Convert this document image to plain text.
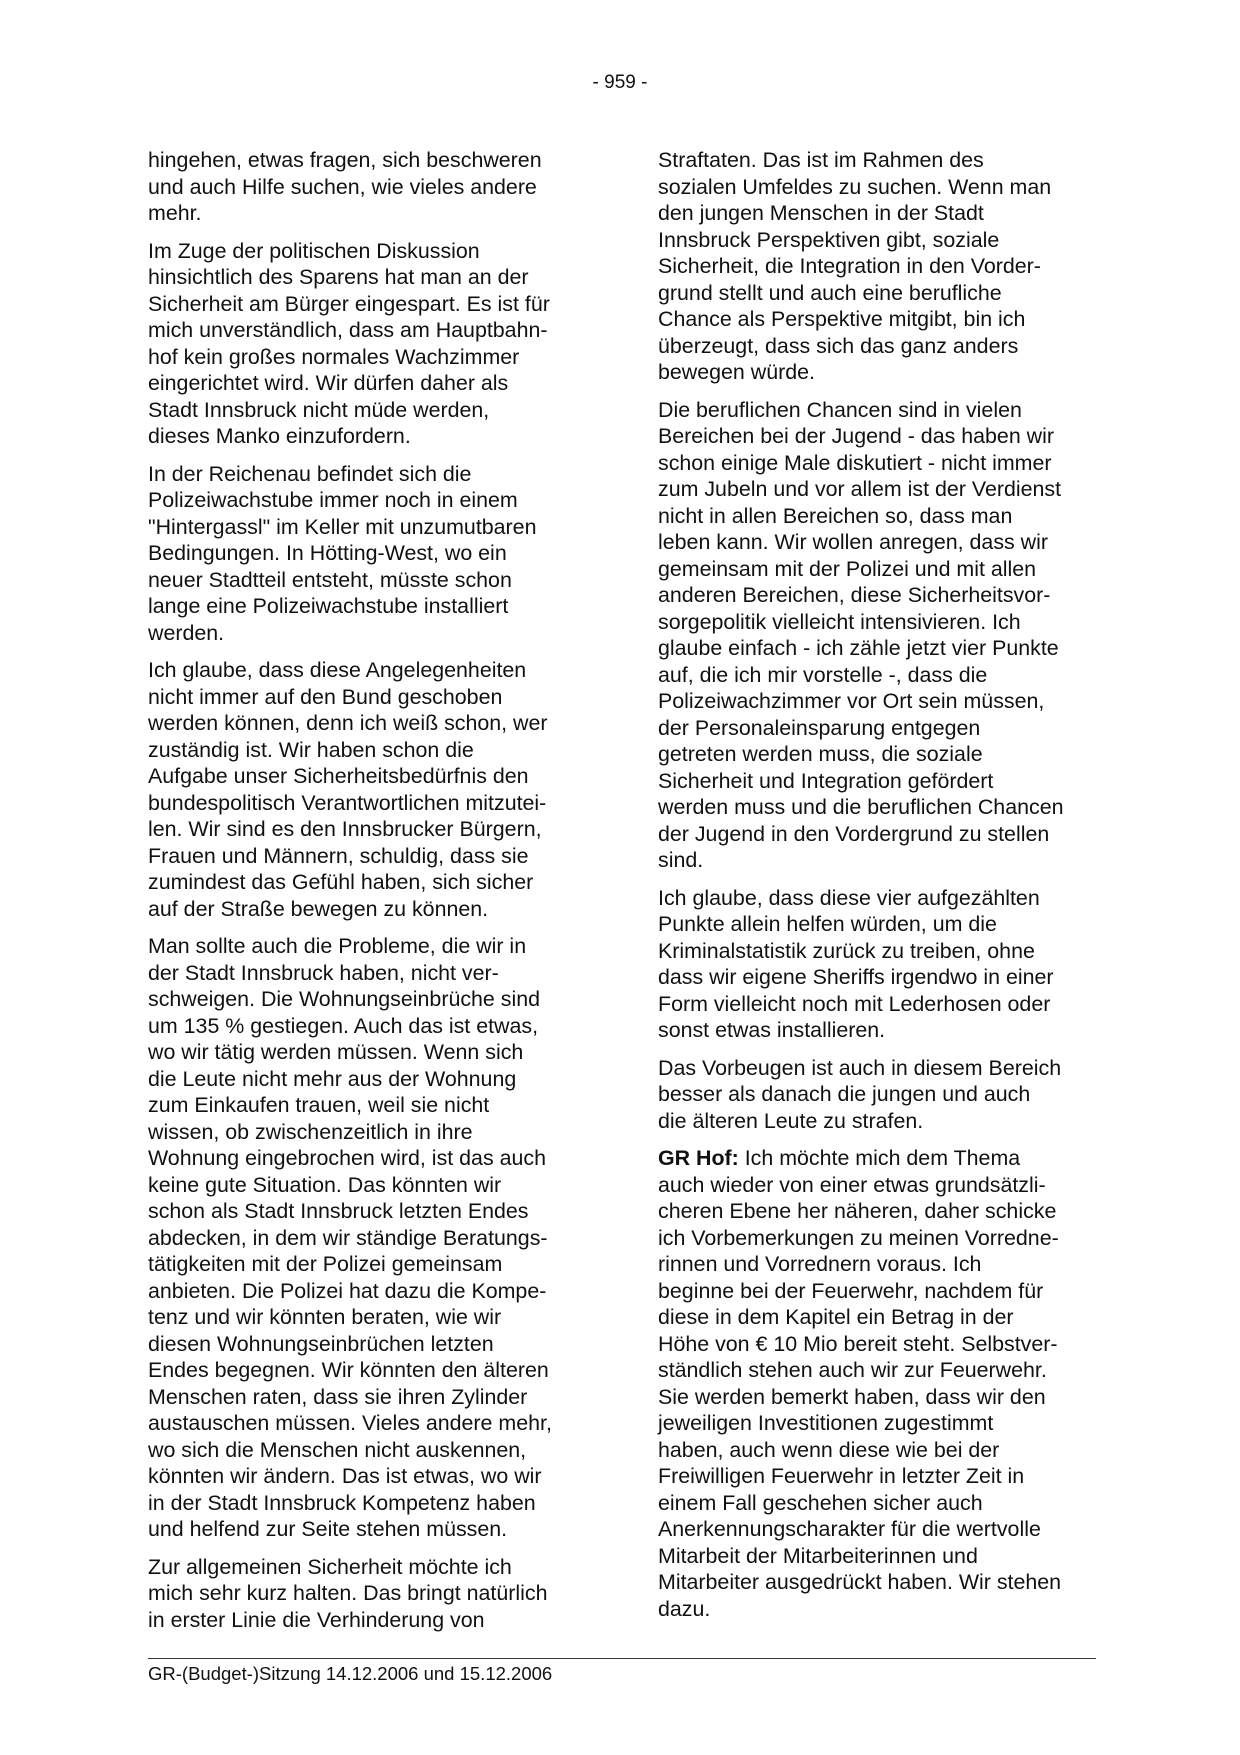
- 959 -

hingehen, etwas fragen, sich beschweren
und auch Hilfe suchen, wie vieles andere
mehr.

Im Zuge der politischen Diskussion
hinsichtlich des Sparens hat man an der
Sicherheit am Bürger eingespart. Es ist für
mich unverständlich, dass am Hauptbahn-
hof kein großes normales Wachzimmer
eingerichtet wird. Wir dürfen daher als
Stadt Innsbruck nicht müde werden,
dieses Manko einzufordern.

In der Reichenau befindet sich die
Polizeiwachstube immer noch in einem
"Hintergassl" im Keller mit unzumutbaren
Bedingungen. In Hötting-West, wo ein
neuer Stadtteil entsteht, müsste schon
lange eine Polizeiwachstube installiert
werden.

Ich glaube, dass diese Angelegenheiten
nicht immer auf den Bund geschoben
werden können, denn ich weiß schon, wer
zuständig ist. Wir haben schon die
Aufgabe unser Sicherheitsbedürfnis den
bundespolitisch Verantwortlichen mitzutei-
len. Wir sind es den Innsbrucker Bürgern,
Frauen und Männern, schuldig, dass sie
zumindest das Gefühl haben, sich sicher
auf der Straße bewegen zu können.

Man sollte auch die Probleme, die wir in
der Stadt Innsbruck haben, nicht ver-
schweigen. Die Wohnungseinbrüche sind
um 135 % gestiegen. Auch das ist etwas,
wo wir tätig werden müssen. Wenn sich
die Leute nicht mehr aus der Wohnung
zum Einkaufen trauen, weil sie nicht
wissen, ob zwischenzeitlich in ihre
Wohnung eingebrochen wird, ist das auch
keine gute Situation. Das könnten wir
schon als Stadt Innsbruck letzten Endes
abdecken, in dem wir ständige Beratungs-
tätigkeiten mit der Polizei gemeinsam
anbieten. Die Polizei hat dazu die Kompe-
tenz und wir könnten beraten, wie wir
diesen Wohnungseinbrüchen letzten
Endes begegnen. Wir könnten den älteren
Menschen raten, dass sie ihren Zylinder
austauschen müssen. Vieles andere mehr,
wo sich die Menschen nicht auskennen,
könnten wir ändern. Das ist etwas, wo wir
in der Stadt Innsbruck Kompetenz haben
und helfend zur Seite stehen müssen.

Zur allgemeinen Sicherheit möchte ich
mich sehr kurz halten. Das bringt natürlich
in erster Linie die Verhinderung von

Straftaten. Das ist im Rahmen des
sozialen Umfeldes zu suchen. Wenn man
den jungen Menschen in der Stadt
Innsbruck Perspektiven gibt, soziale
Sicherheit, die Integration in den Vorder-
grund stellt und auch eine berufliche
Chance als Perspektive mitgibt, bin ich
überzeugt, dass sich das ganz anders
bewegen würde.

Die beruflichen Chancen sind in vielen
Bereichen bei der Jugend - das haben wir
schon einige Male diskutiert - nicht immer
zum Jubeln und vor allem ist der Verdienst
nicht in allen Bereichen so, dass man
leben kann. Wir wollen anregen, dass wir
gemeinsam mit der Polizei und mit allen
anderen Bereichen, diese Sicherheitsvor-
sorgepolitik vielleicht intensivieren. Ich
glaube einfach - ich zähle jetzt vier Punkte
auf, die ich mir vorstelle -, dass die
Polizeiwachzimmer vor Ort sein müssen,
der Personaleinsparung entgegen
getreten werden muss, die soziale
Sicherheit und Integration gefördert
werden muss und die beruflichen Chancen
der Jugend in den Vordergrund zu stellen
sind.

Ich glaube, dass diese vier aufgezählten
Punkte allein helfen würden, um die
Kriminalstatistik zurück zu treiben, ohne
dass wir eigene Sheriffs irgendwo in einer
Form vielleicht noch mit Lederhosen oder
sonst etwas installieren.

Das Vorbeugen ist auch in diesem Bereich
besser als danach die jungen und auch
die älteren Leute zu strafen.

GR Hof: Ich möchte mich dem Thema
auch wieder von einer etwas grundsätzli-
cheren Ebene her näheren, daher schicke
ich Vorbemerkungen zu meinen Vorredne-
rinnen und Vorrednern voraus. Ich
beginne bei der Feuerwehr, nachdem für
diese in dem Kapitel ein Betrag in der
Höhe von € 10 Mio bereit steht. Selbstver-
ständlich stehen auch wir zur Feuerwehr.
Sie werden bemerkt haben, dass wir den
jeweiligen Investitionen zugestimmt
haben, auch wenn diese wie bei der
Freiwilligen Feuerwehr in letzter Zeit in
einem Fall geschehen sicher auch
Anerkennungscharakter für die wertvolle
Mitarbeit der Mitarbeiterinnen und
Mitarbeiter ausgedrückt haben. Wir stehen
dazu.

GR-(Budget-)Sitzung 14.12.2006 und 15.12.2006
